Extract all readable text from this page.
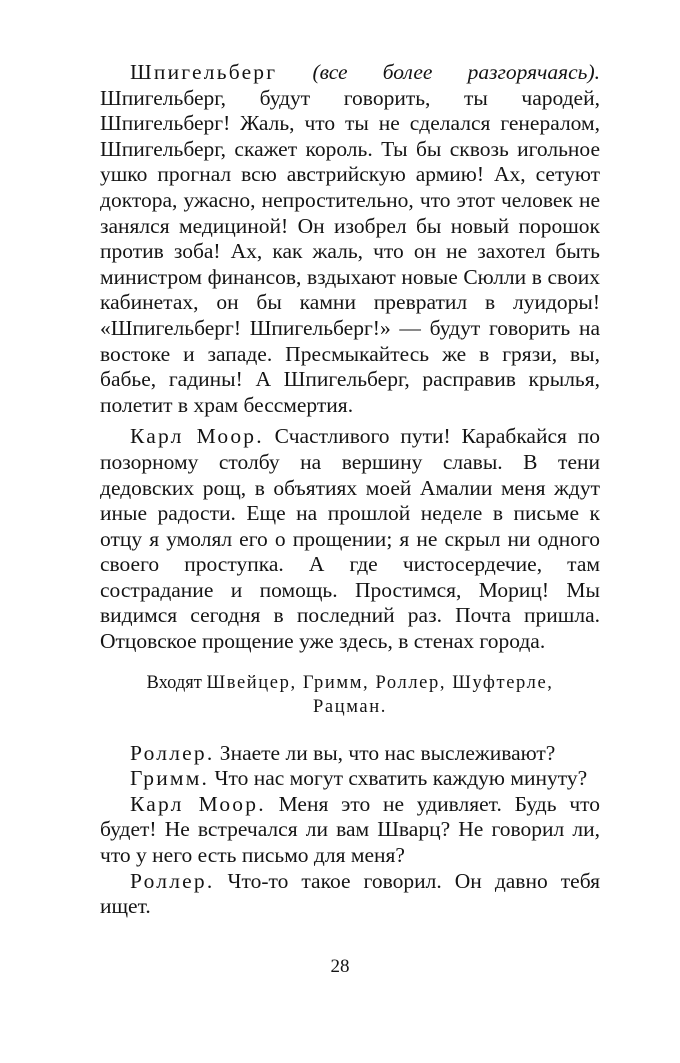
Шпигельберг (все более разгорячаясь). Шпигельберг, будут говорить, ты чародей, Шпигельберг! Жаль, что ты не сделался генералом, Шпигельберг, скажет король. Ты бы сквозь игольное ушко прогнал всю австрийскую армию! Ах, сетуют доктора, ужасно, непростительно, что этот человек не занялся медициной! Он изобрел бы новый порошок против зоба! Ах, как жаль, что он не захотел быть министром финансов, вздыхают новые Сюлли в своих кабинетах, он бы камни превратил в луидоры! «Шпигельберг! Шпигельберг!» — будут говорить на востоке и западе. Пресмыкайтесь же в грязи, вы, бабье, гадины! А Шпигельберг, расправив крылья, полетит в храм бессмертия.

Карл Моор. Счастливого пути! Карабкайся по позорному столбу на вершину славы. В тени дедовских рощ, в объятиях моей Амалии меня ждут иные радости. Еще на прошлой неделе в письме к отцу я умолял его о прощении; я не скрыл ни одного своего проступка. А где чистосердечие, там сострадание и помощь. Простимся, Мориц! Мы видимся сегодня в последний раз. Почта пришла. Отцовское прощение уже здесь, в стенах города.

Входят Швейцер, Гримм, Роллер, Шуфтерле, Рацман.

Роллер. Знаете ли вы, что нас выслеживают?

Гримм. Что нас могут схватить каждую минуту?

Карл Моор. Меня это не удивляет. Будь что будет! Не встречался ли вам Шварц? Не говорил ли, что у него есть письмо для меня?

Роллер. Что-то такое говорил. Он давно тебя ищет.

28
